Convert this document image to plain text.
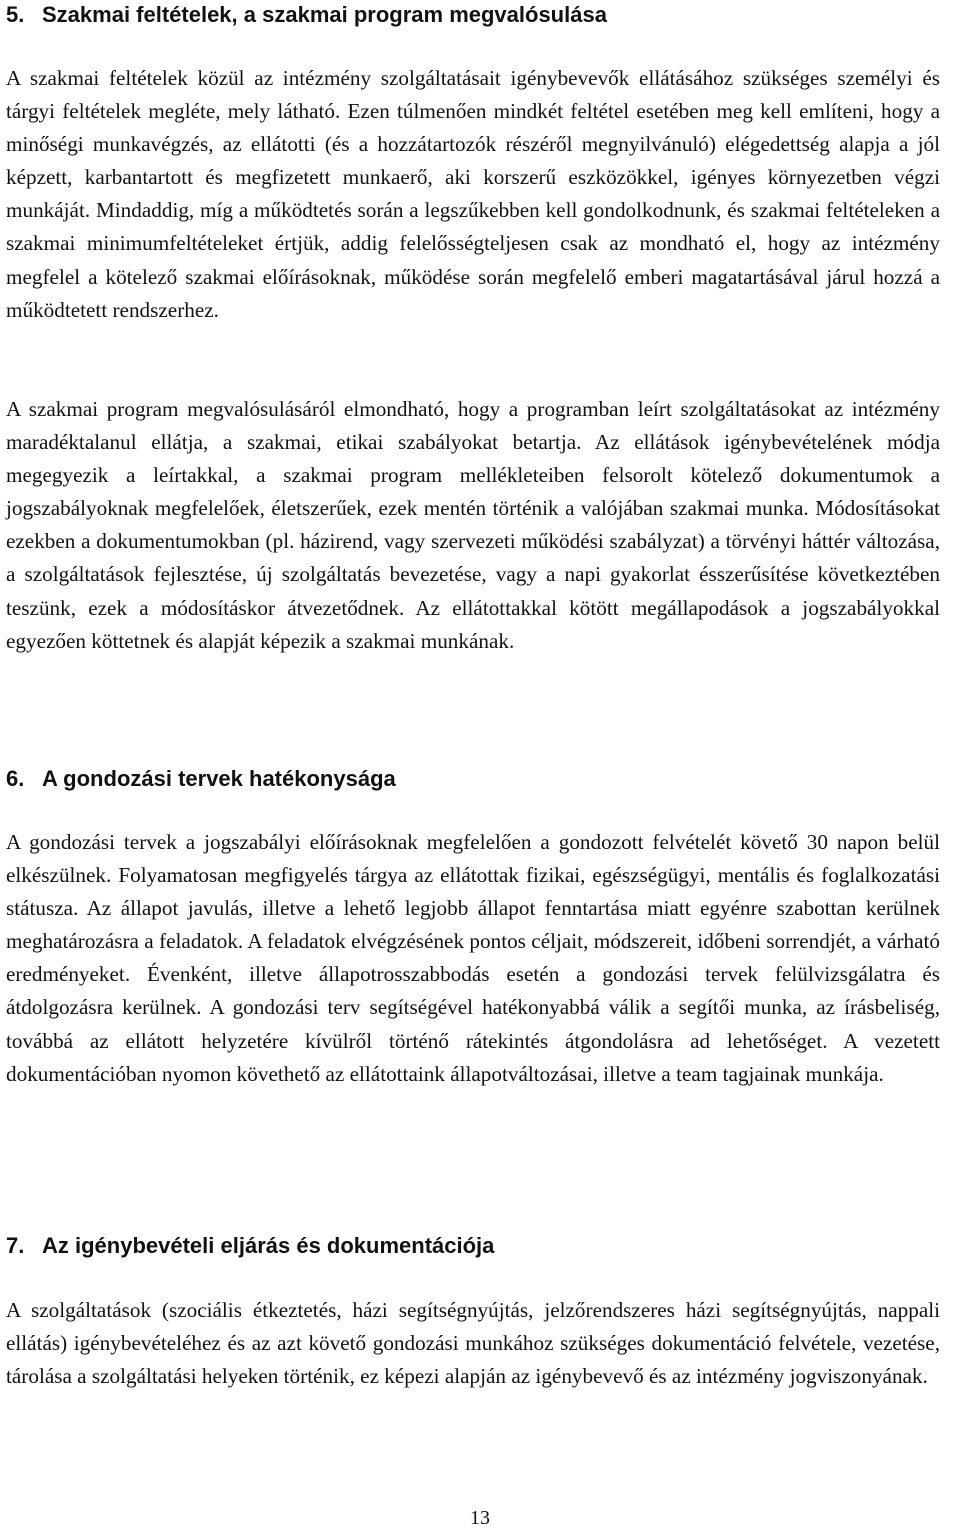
5. Szakmai feltételek, a szakmai program megvalósulása

A szakmai feltételek közül az intézmény szolgáltatásait igénybevevők ellátásához szükséges személyi és tárgyi feltételek megléte, mely látható. Ezen túlmenően mindkét feltétel esetében meg kell említeni, hogy a minőségi munkavégzés, az ellátotti (és a hozzátartozók részéről megnyilvánuló) elégedettség alapja a jól képzett, karbantartott és megfizetett munkaerő, aki korszerű eszközökkel, igényes környezetben végzi munkáját. Mindaddig, míg a működtetés során a legszűkebben kell gondolkodnunk, és szakmai feltételeken a szakmai minimumfeltételeket értjük, addig felelősségteljesen csak az mondható el, hogy az intézmény megfelel a kötelező szakmai előírásoknak, működése során megfelelő emberi magatartásával járul hozzá a működtetett rendszerhez.

A szakmai program megvalósulásáról elmondható, hogy a programban leírt szolgáltatásokat az intézmény maradéktalanul ellátja, a szakmai, etikai szabályokat betartja. Az ellátások igénybevételének módja megegyezik a leírtakkal, a szakmai program mellékleteiben felsorolt kötelező dokumentumok a jogszabályoknak megfelelőek, életszerűek, ezek mentén történik a valójában szakmai munka. Módosításokat ezekben a dokumentumokban (pl. házirend, vagy szervezeti működési szabályzat) a törvényi háttér változása, a szolgáltatások fejlesztése, új szolgáltatás bevezetése, vagy a napi gyakorlat ésszerűsítése következtében teszünk, ezek a módosításkor átvezetődnek. Az ellátottakkal kötött megállapodások a jogszabályokkal egyezően köttetnek és alapját képezik a szakmai munkának.

6. A gondozási tervek hatékonysága

A gondozási tervek a jogszabályi előírásoknak megfelelően a gondozott felvételét követő 30 napon belül elkészülnek. Folyamatosan megfigyelés tárgya az ellátottak fizikai, egészségügyi, mentális és foglalkozatási státusza. Az állapot javulás, illetve a lehető legjobb állapot fenntartása miatt egyénre szabottan kerülnek meghatározásra a feladatok. A feladatok elvégzésének pontos céljait, módszereit, időbeni sorrendjét, a várható eredményeket. Évenként, illetve állapotrosszabbodás esetén a gondozási tervek felülvizsgálatra és átdolgozásra kerülnek. A gondozási terv segítségével hatékonyabbá válik a segítői munka, az írásbeliség, továbbá az ellátott helyzetére kívülről történő rátekintés átgondolásra ad lehetőséget. A vezetett dokumentációban nyomon követhető az ellátottaink állapotváltozásai, illetve a team tagjainak munkája.

7. Az igénybevételi eljárás és dokumentációja

A szolgáltatások (szociális étkeztetés, házi segítségnyújtás, jelzőrendszeres házi segítségnyújtás, nappali ellátás) igénybevételéhez és az azt követő gondozási munkához szükséges dokumentáció felvétele, vezetése, tárolása a szolgáltatási helyeken történik, ez képezi alapján az igénybevevő és az intézmény jogviszonyának.

13
